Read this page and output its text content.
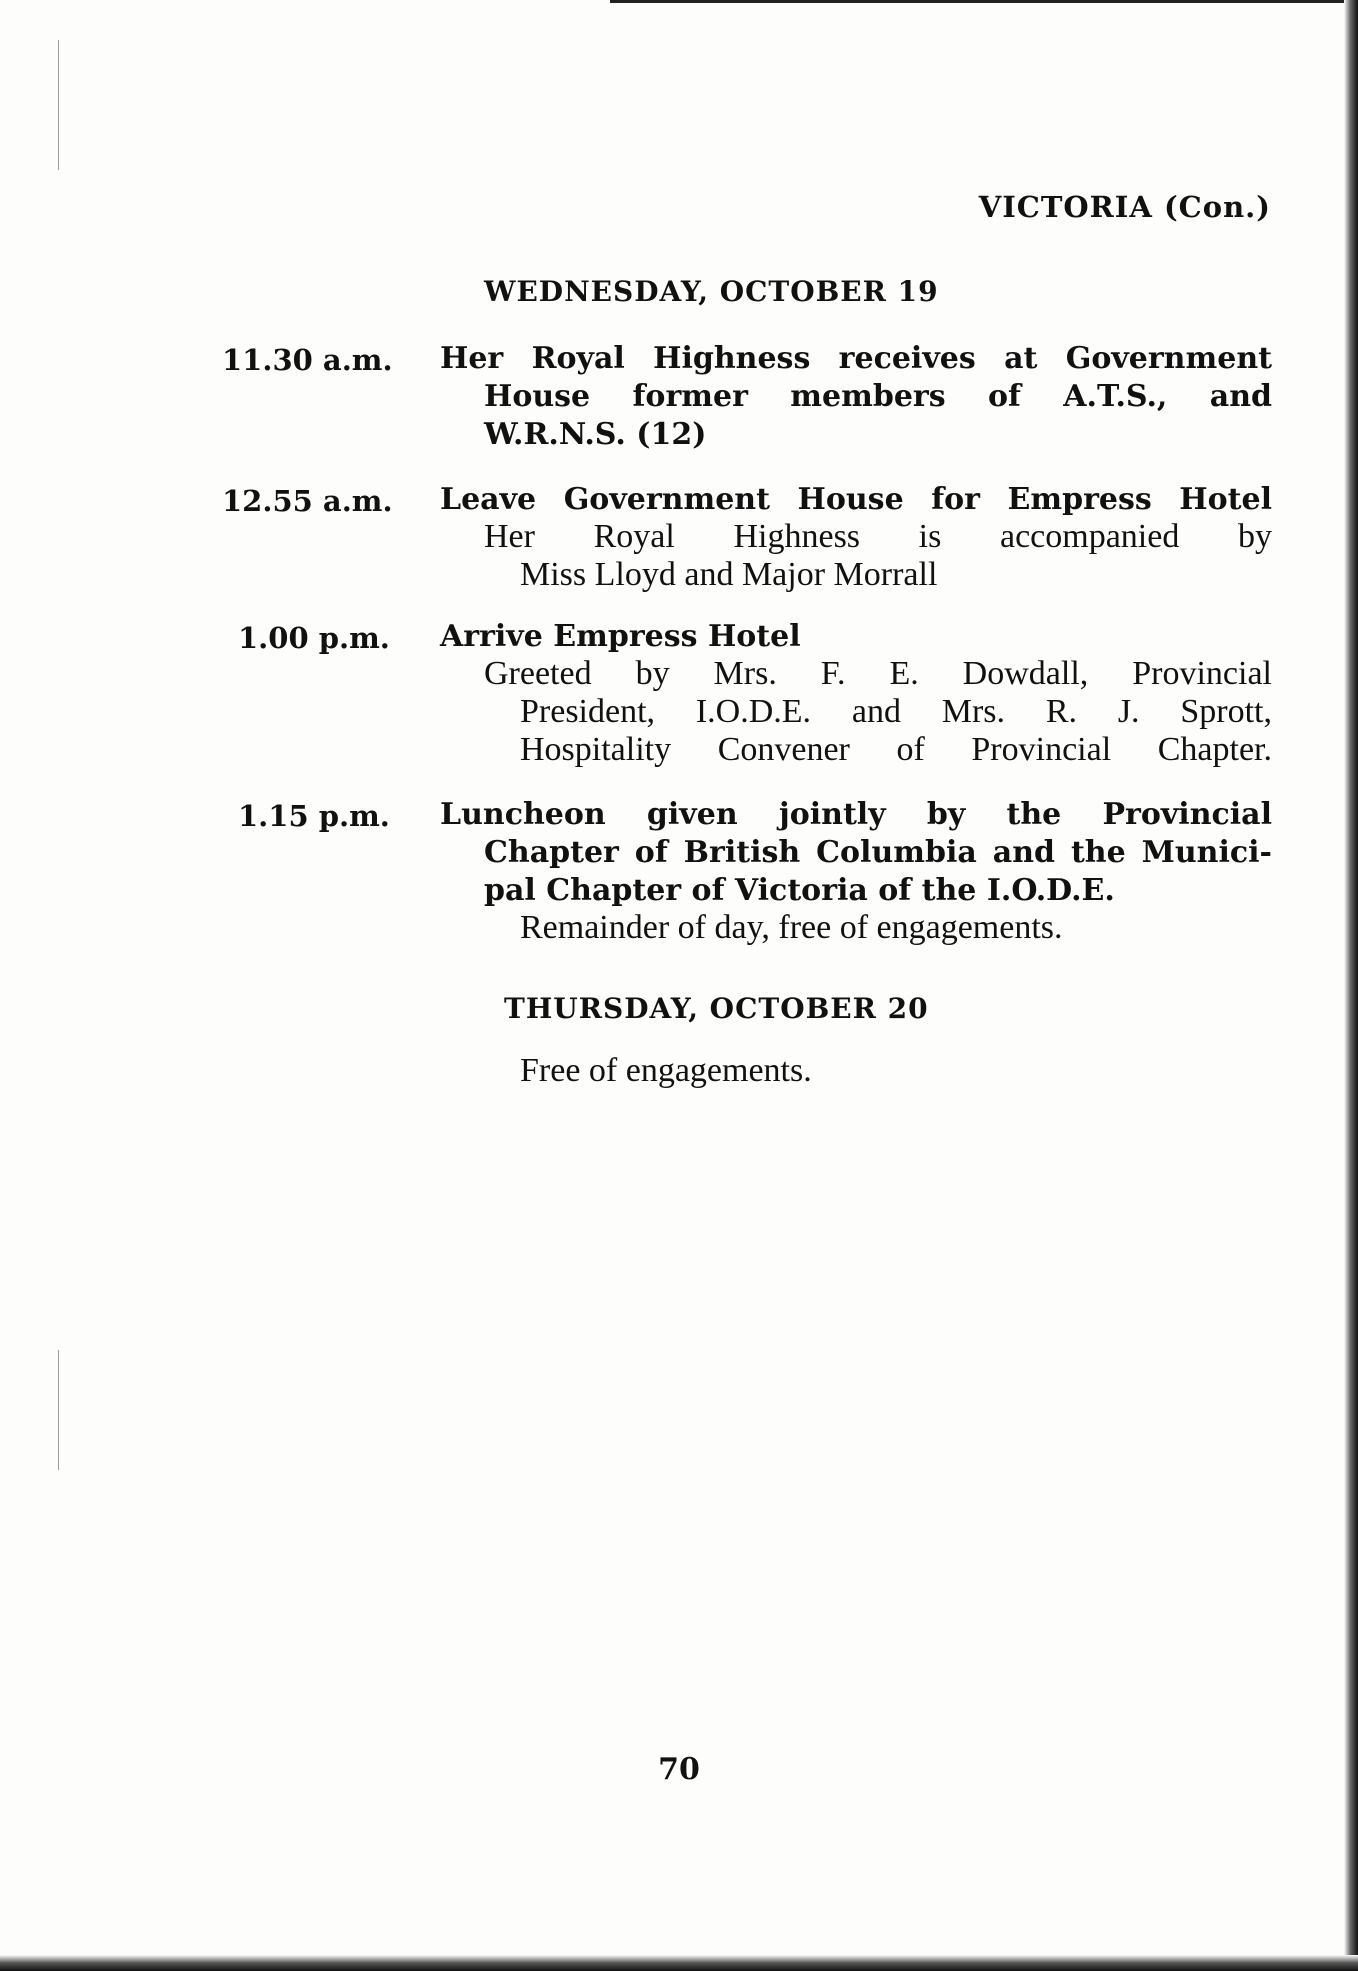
VICTORIA (Con.)
WEDNESDAY, OCTOBER 19
11.30 a.m.	Her Royal Highness receives at Government
House former members of A.T.S., and
W.R.N.S. (12)
12.55 a.m.	Leave Government House for Empress Hotel
Her Royal Highness is accompanied by
Miss Lloyd and Major Morrall
1.00 p.m.	Arrive Empress Hotel
Greeted by Mrs. F. E. Dowdall, Provincial
President, I.O.D.E. and Mrs. R. J. Sprott,
Hospitality Convener of Provincial Chapter.
1.15 p.m.	Luncheon given jointly by the Provincial
Chapter of British Columbia and the Munici-
pal Chapter of Victoria of the I.O.D.E.
Remainder of day, free of engagements.
THURSDAY, OCTOBER 20
Free of engagements.
70
